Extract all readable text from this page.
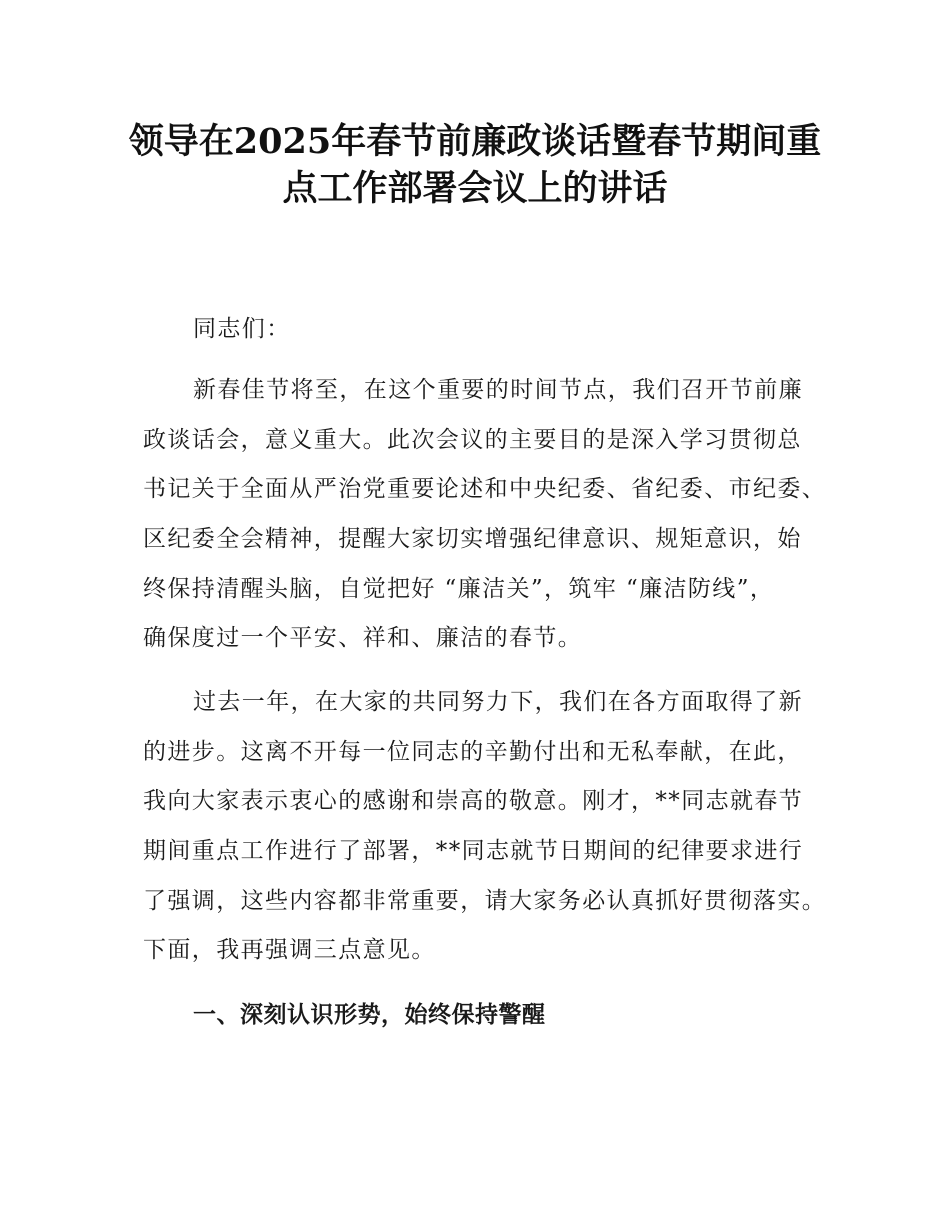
领导在2025年春节前廉政谈话暨春节期间重
点工作部署会议上的讲话

同志们：

新春佳节将至，在这个重要的时间节点，我们召开节前廉

政谈话会，意义重大。此次会议的主要目的是深入学习贯彻总

书记关于全面从严治党重要论述和中央纪委、省纪委、市纪委、

区纪委全会精神，提醒大家切实增强纪律意识、规矩意识，始

终保持清醒头脑，自觉把好 “廉洁关”，筑牢 “廉洁防线”，

确保度过一个平安、祥和、廉洁的春节。

过去一年，在大家的共同努力下，我们在各方面取得了新

的进步。这离不开每一位同志的辛勤付出和无私奉献，在此，

我向大家表示衷心的感谢和崇高的敬意。刚才，**同志就春节

期间重点工作进行了部署，**同志就节日期间的纪律要求进行

了强调，这些内容都非常重要，请大家务必认真抓好贯彻落实。

下面，我再强调三点意见。

一、深刻认识形势，始终保持警醒
